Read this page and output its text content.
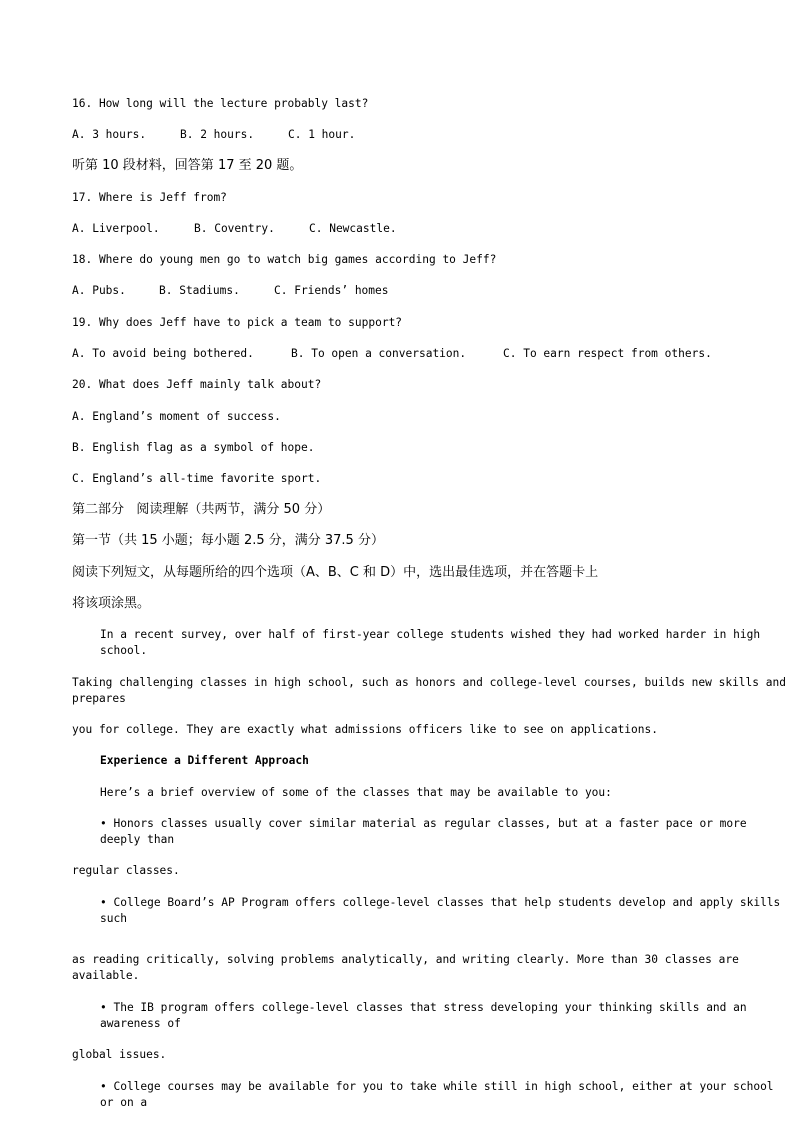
16. How long will the lecture probably last?

A. 3 hours.

	B. 2 hours.

	C. 1 hour.

听第 10 段材料，回答第 17 至 20 题。
17. Where is Jeff from?

A. Liverpool.

	B. Coventry.

	C. Newcastle.

18. Where do young men go to watch big games according to Jeff?

A. Pubs.

	B. Stadiums.

	C. Friends’ homes

19. Why does Jeff have to pick a team to support?

A. To avoid being bothered.

	B. To open a conversation.

	C. To earn respect from others.

20. What does Jeff mainly talk about?
A. England’s moment of success.
B. English flag as a symbol of hope.
C. England’s all-time favorite sport.
第二部分   阅读理解（共两节，满分 50 分）
第一节（共 15 小题；每小题 2.5 分，满分 37.5 分）
阅读下列短文，从每题所给的四个选项（A、B、C 和 D）中，选出最佳选项，并在答题卡上
将该项涂黑。
In a recent survey, over half of first-year college students wished they had worked harder in high school.
Taking challenging classes in high school, such as honors and college-level courses, builds new skills and prepares
you for college. They are exactly what admissions officers like to see on applications.
Experience a Different Approach
Here’s a brief overview of some of the classes that may be available to you:
• Honors classes usually cover similar material as regular classes, but at a faster pace or more deeply than
regular classes.
• College Board’s AP Program offers college-level classes that help students develop and apply skills such
as reading critically, solving problems analytically, and writing clearly. More than 30 classes are available.
• The IB program offers college-level classes that stress developing your thinking skills and an awareness of
global issues.
• College courses may be available for you to take while still in high school, either at your school or on a
